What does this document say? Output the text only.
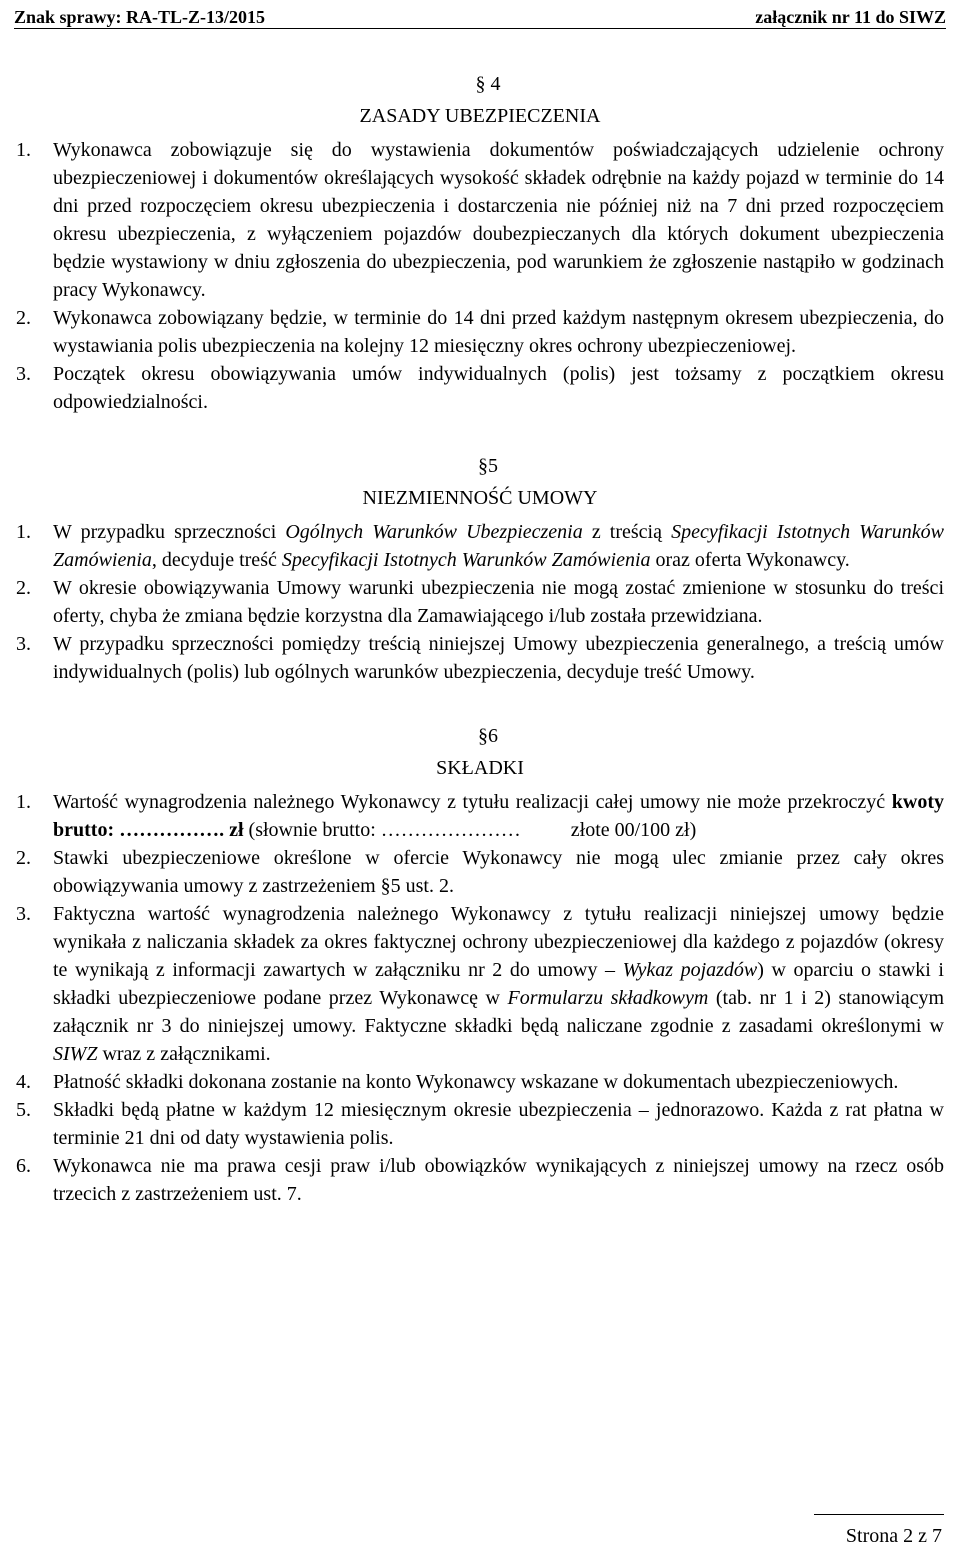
Znak sprawy: RA-TL-Z-13/2015	załącznik nr 11 do SIWZ

§ 4

ZASADY UBEZPIECZENIA

1. Wykonawca zobowiązuje się do wystawienia dokumentów poświadczających udzielenie ochrony ubezpieczeniowej i dokumentów określających wysokość składek odrębnie na każdy pojazd w terminie do 14 dni przed rozpoczęciem okresu ubezpieczenia i dostarczenia nie później niż na 7 dni przed rozpoczęciem okresu ubezpieczenia, z wyłączeniem pojazdów doubezpieczanych dla których dokument ubezpieczenia będzie wystawiony w dniu zgłoszenia do ubezpieczenia, pod warunkiem że zgłoszenie nastąpiło w godzinach pracy Wykonawcy.

2. Wykonawca zobowiązany będzie, w terminie do 14 dni przed każdym następnym okresem ubezpieczenia, do wystawiania polis ubezpieczenia na kolejny 12 miesięczny okres ochrony ubezpieczeniowej.

3. Początek okresu obowiązywania umów indywidualnych (polis) jest tożsamy z początkiem okresu odpowiedzialności.

§5

NIEZMIENNOŚĆ UMOWY

1. W przypadku sprzeczności Ogólnych Warunków Ubezpieczenia z treścią Specyfikacji Istotnych Warunków Zamówienia, decyduje treść Specyfikacji Istotnych Warunków Zamówienia oraz oferta Wykonawcy.

2. W okresie obowiązywania Umowy warunki ubezpieczenia nie mogą zostać zmienione w stosunku do treści oferty, chyba że zmiana będzie korzystna dla Zamawiającego i/lub została przewidziana.

3. W przypadku sprzeczności pomiędzy treścią niniejszej Umowy ubezpieczenia generalnego, a treścią umów indywidualnych (polis) lub ogólnych warunków ubezpieczenia, decyduje treść Umowy.

§6

SKŁADKI

1. Wartość wynagrodzenia należnego Wykonawcy z tytułu realizacji całej umowy nie może przekroczyć kwoty brutto: ……………. zł (słownie brutto: …………………          złote 00/100 zł)

2. Stawki ubezpieczeniowe określone w ofercie Wykonawcy nie mogą ulec zmianie przez cały okres obowiązywania umowy z zastrzeżeniem §5 ust. 2.

3. Faktyczna wartość wynagrodzenia należnego Wykonawcy z tytułu realizacji niniejszej umowy będzie wynikała z naliczania składek za okres faktycznej ochrony ubezpieczeniowej dla każdego z pojazdów (okresy te wynikają z informacji zawartych w załączniku nr 2 do umowy – Wykaz pojazdów) w oparciu o stawki i składki ubezpieczeniowe podane przez Wykonawcę w Formularzu składkowym (tab. nr 1 i 2) stanowiącym załącznik nr 3 do niniejszej umowy. Faktyczne składki będą naliczane zgodnie z zasadami określonymi w SIWZ wraz z załącznikami.

4. Płatność składki dokonana zostanie na konto Wykonawcy wskazane w dokumentach ubezpieczeniowych.

5. Składki będą płatne w każdym 12 miesięcznym okresie ubezpieczenia – jednorazowo. Każda z rat płatna w terminie 21 dni od daty wystawienia polis.

6. Wykonawca nie ma prawa cesji praw i/lub obowiązków wynikających z niniejszej umowy na rzecz osób trzecich z zastrzeżeniem ust. 7.

Strona 2 z 7
